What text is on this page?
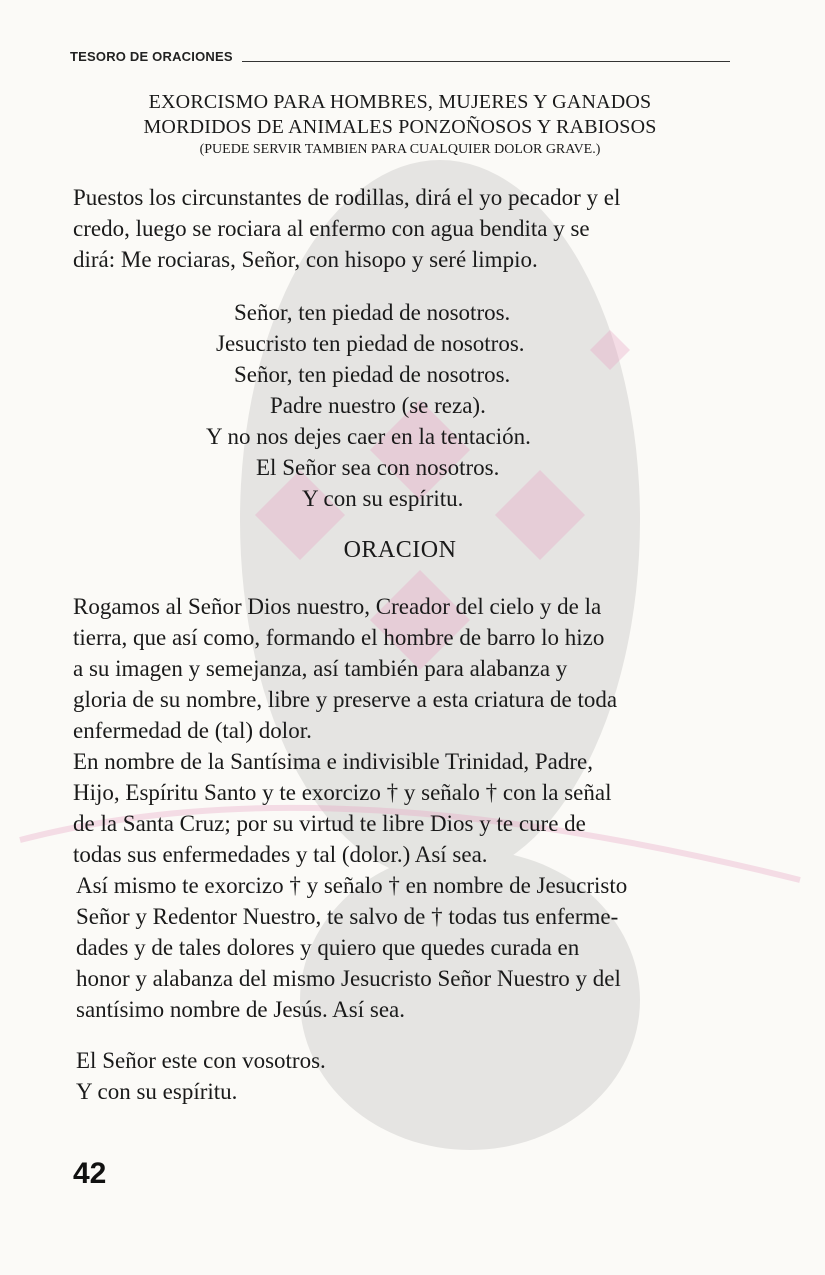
TESORO DE ORACIONES
EXORCISMO PARA HOMBRES, MUJERES Y GANADOS
MORDIDOS DE ANIMALES PONZOÑOSOS Y RABIOSOS
(PUEDE SERVIR TAMBIEN PARA CUALQUIER DOLOR GRAVE.)
Puestos los circunstantes de rodillas, dirá el yo pecador y el
credo, luego se rociara al enfermo con agua bendita y se
dirá: Me rociaras, Señor, con hisopo y seré limpio.
Señor, ten piedad de nosotros.
Jesucristo ten piedad de nosotros.
Señor, ten piedad de nosotros.
Padre nuestro (se reza).
Y no nos dejes caer en la tentación.
El Señor sea con nosotros.
Y con su espíritu.
ORACION
Rogamos al Señor Dios nuestro, Creador del cielo y de la
tierra, que así como, formando el hombre de barro lo hizo
a su imagen y semejanza, así también para alabanza y
gloria de su nombre, libre y preserve a esta criatura de toda
enfermedad de (tal) dolor.
En nombre de la Santísima e indivisible Trinidad, Padre,
Hijo, Espíritu Santo y te exorcizo † y señalo † con la señal
de la Santa Cruz; por su virtud te libre Dios y te cure de
todas sus enfermedades y tal (dolor.) Así sea.
Así mismo te exorcizo † y señalo † en nombre de Jesucristo
Señor y Redentor Nuestro, te salvo de † todas tus enferme-
dades y de tales dolores y quiero que quedes curada en
honor y alabanza del mismo Jesucristo Señor Nuestro y del
santísimo nombre de Jesús. Así sea.
El Señor este con vosotros.
Y con su espíritu.
42
